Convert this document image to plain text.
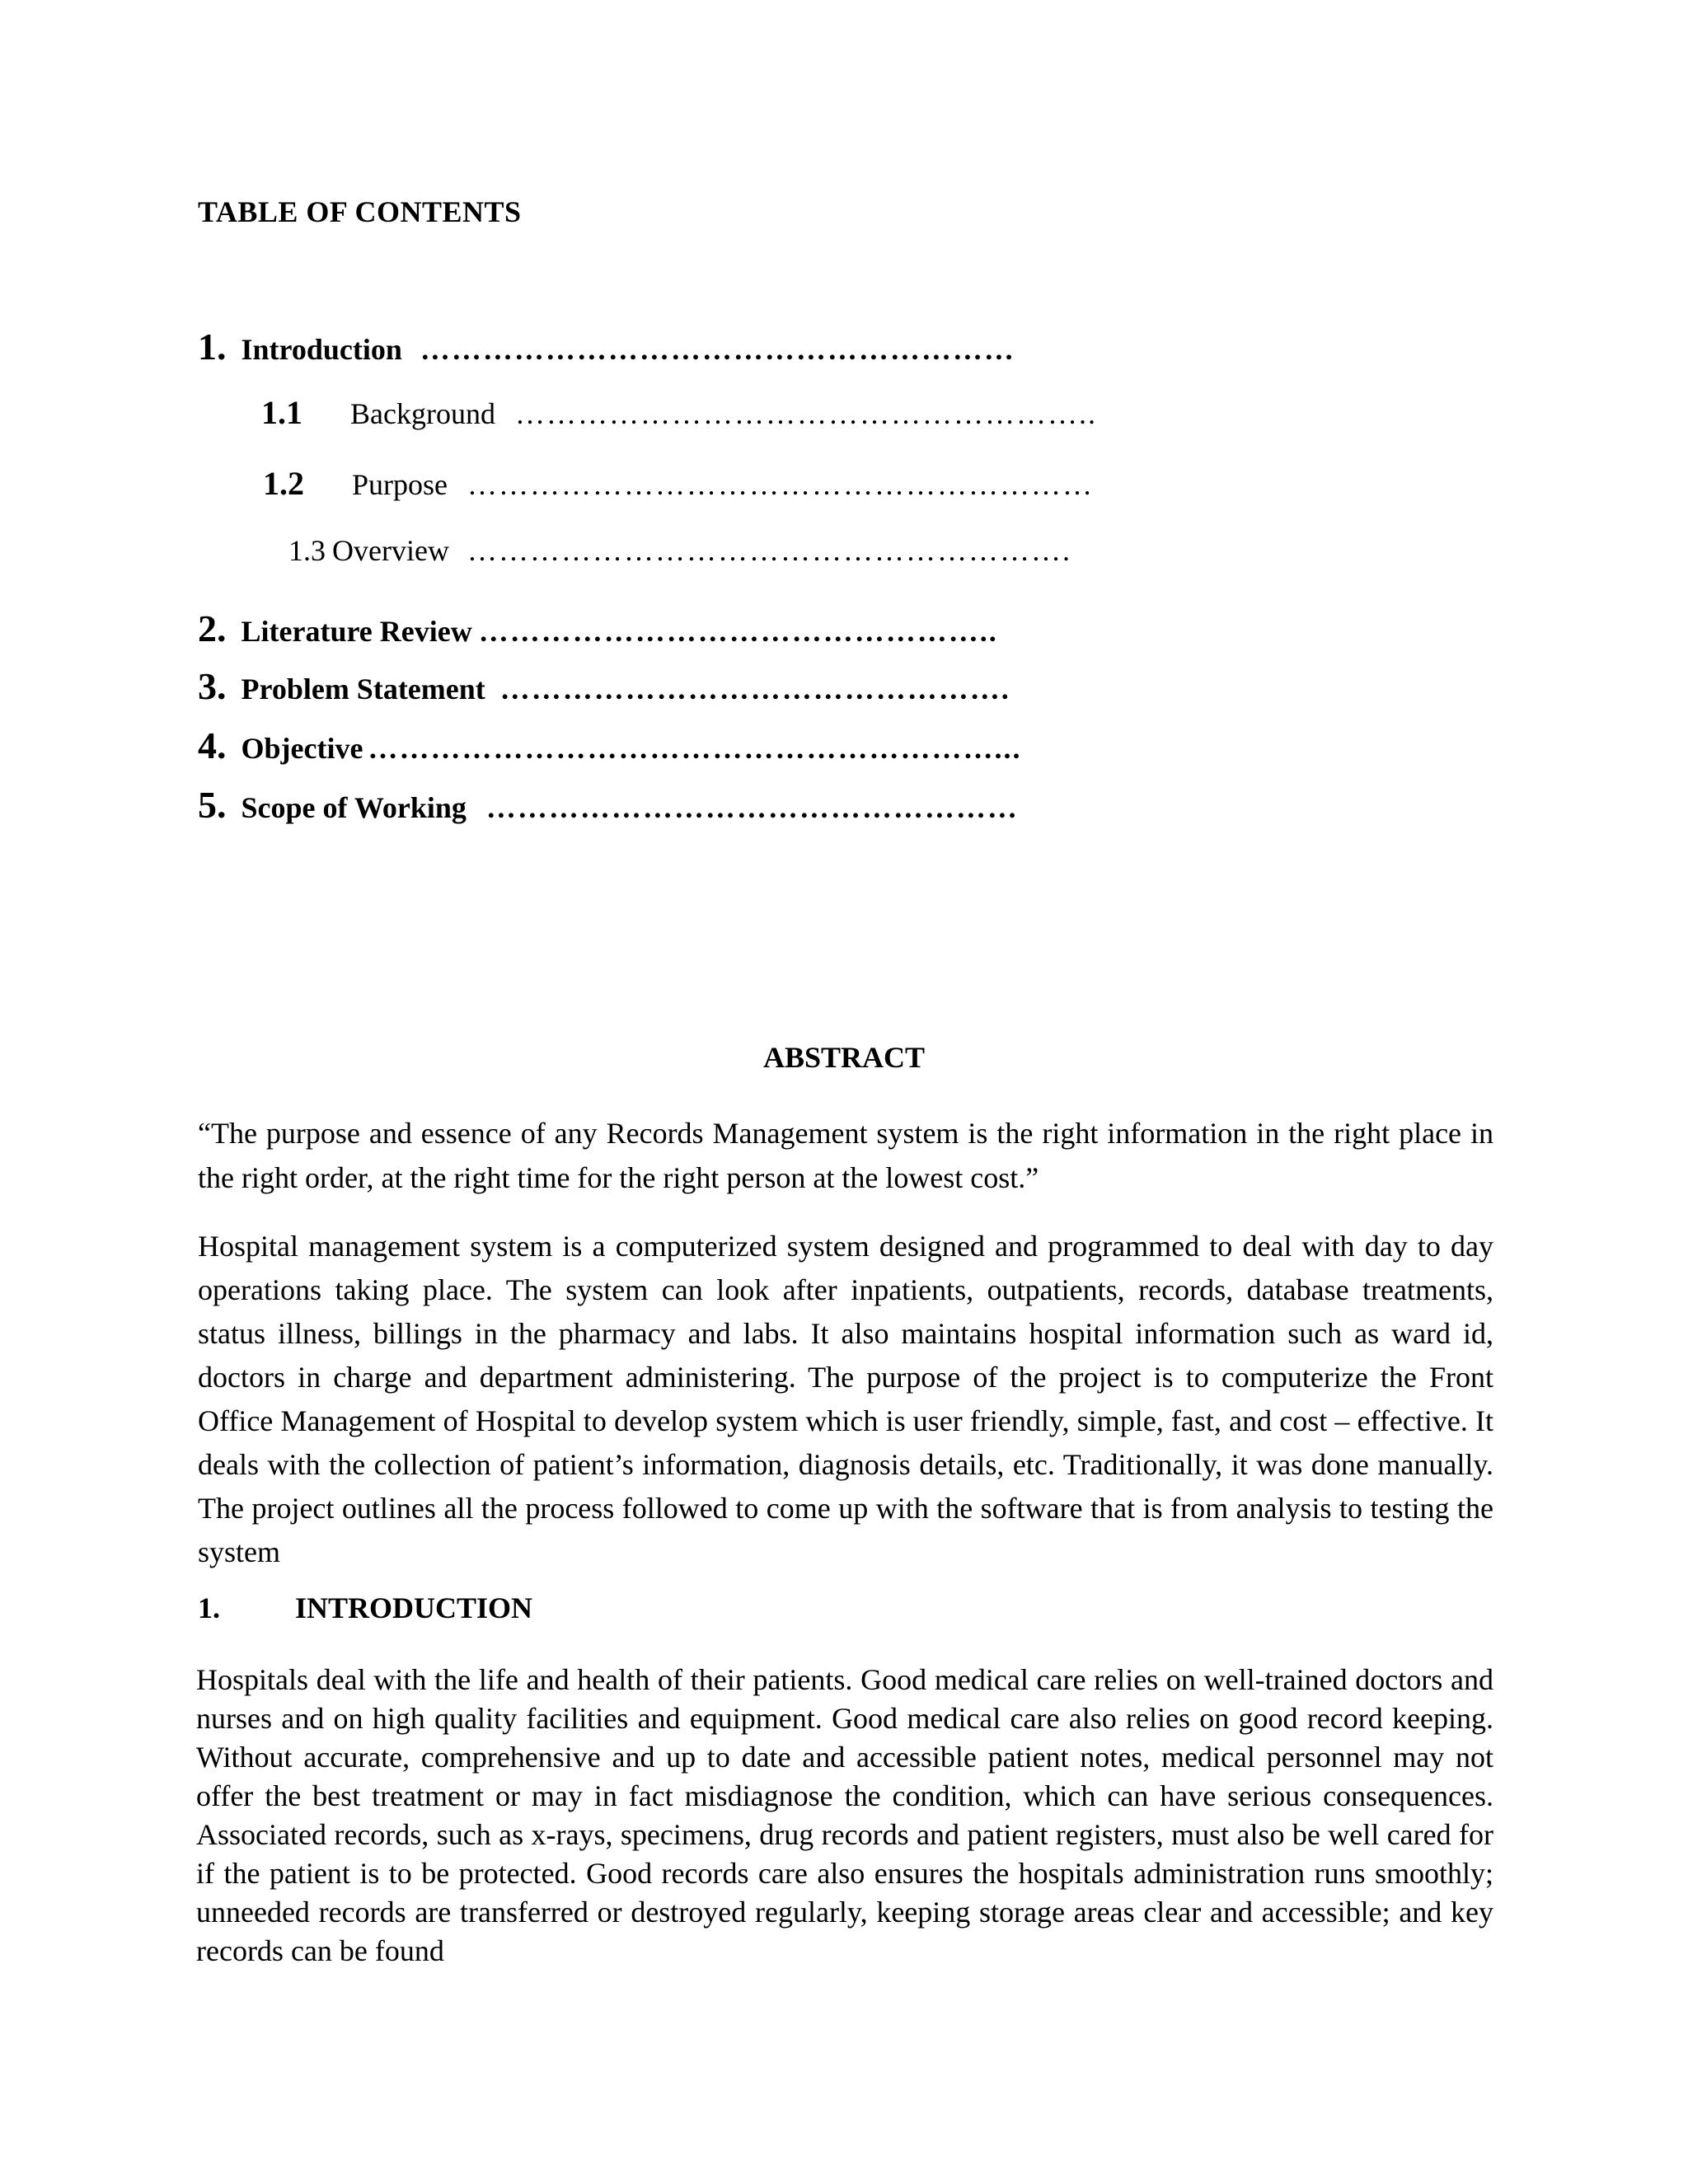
TABLE OF CONTENTS
1. Introduction …………………………………………………
1.1 Background ………………………………………………..
1.2 Purpose ……………………………………………………
1.3 Overview ………………………………………………….
2. Literature Review …………………………………………..
3. Problem Statement ………………………………………….
4. Objective ……………………………………………………...
5. Scope of Working ……………………………………………
ABSTRACT

“The purpose and essence of any Records Management system is the right information in the right place in the right order, at the right time for the right person at the lowest cost.”

Hospital management system is a computerized system designed and programmed to deal with day to day operations taking place. The system can look after inpatients, outpatients, records, database treatments, status illness, billings in the pharmacy and labs. It also maintains hospital information such as ward id, doctors in charge and department administering. The purpose of the project is to computerize the Front Office Management of Hospital to develop system which is user friendly, simple, fast, and cost – effective. It deals with the collection of patient’s information, diagnosis details, etc. Traditionally, it was done manually. The project outlines all the process followed to come up with the software that is from analysis to testing the system

1.	INTRODUCTION

Hospitals deal with the life and health of their patients. Good medical care relies on well-trained doctors and nurses and on high quality facilities and equipment. Good medical care also relies on good record keeping. Without accurate, comprehensive and up to date and accessible patient notes, medical personnel may not offer the best treatment or may in fact misdiagnose the condition, which can have serious consequences. Associated records, such as x-rays, specimens, drug records and patient registers, must also be well cared for if the patient is to be protected. Good records care also ensures the hospitals administration runs smoothly; unneeded records are transferred or destroyed regularly, keeping storage areas clear and accessible; and key records can be found
